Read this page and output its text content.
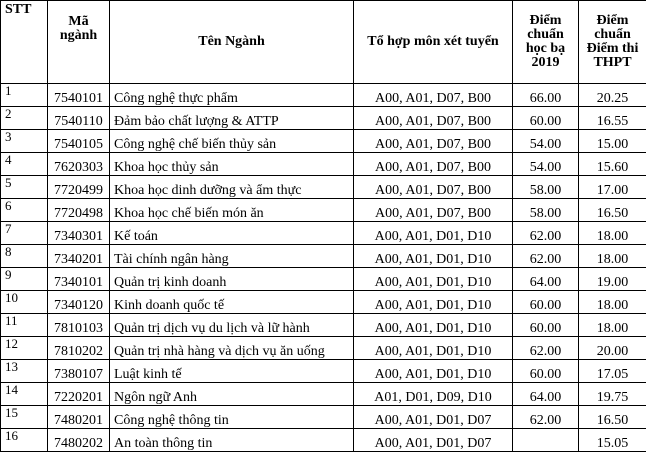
STT	Mã ngành	Tên Ngành	Tổ hợp môn xét tuyển	Điểm chuẩn học bạ 2019	Điểm chuẩn Điểm thi THPT
1	7540101	Công nghệ thực phẩm	A00, A01, D07, B00	66.00	20.25
2	7540110	Đảm bảo chất lượng & ATTP	A00, A01, D07, B00	60.00	16.55
3	7540105	Công nghệ chế biến thủy sản	A00, A01, D07, B00	54.00	15.00
4	7620303	Khoa học thủy sản	A00, A01, D07, B00	54.00	15.60
5	7720499	Khoa học dinh dưỡng và ẩm thực	A00, A01, D07, B00	58.00	17.00
6	7720498	Khoa học chế biến món ăn	A00, A01, D07, B00	58.00	16.50
7	7340301	Kế toán	A00, A01, D01, D10	62.00	18.00
8	7340201	Tài chính ngân hàng	A00, A01, D01, D10	62.00	18.00
9	7340101	Quản trị kinh doanh	A00, A01, D01, D10	64.00	19.00
10	7340120	Kinh doanh quốc tế	A00, A01, D01, D10	60.00	18.00
11	7810103	Quản trị dịch vụ du lịch và lữ hành	A00, A01, D01, D10	60.00	18.00
12	7810202	Quản trị nhà hàng và dịch vụ ăn uống	A00, A01, D01, D10	62.00	20.00
13	7380107	Luật kinh tế	A00, A01, D01, D10	60.00	17.05
14	7220201	Ngôn ngữ Anh	A01, D01, D09, D10	64.00	19.75
15	7480201	Công nghệ thông tin	A00, A01, D01, D07	62.00	16.50
16	7480202	An toàn thông tin	A00, A01, D01, D07		15.05
